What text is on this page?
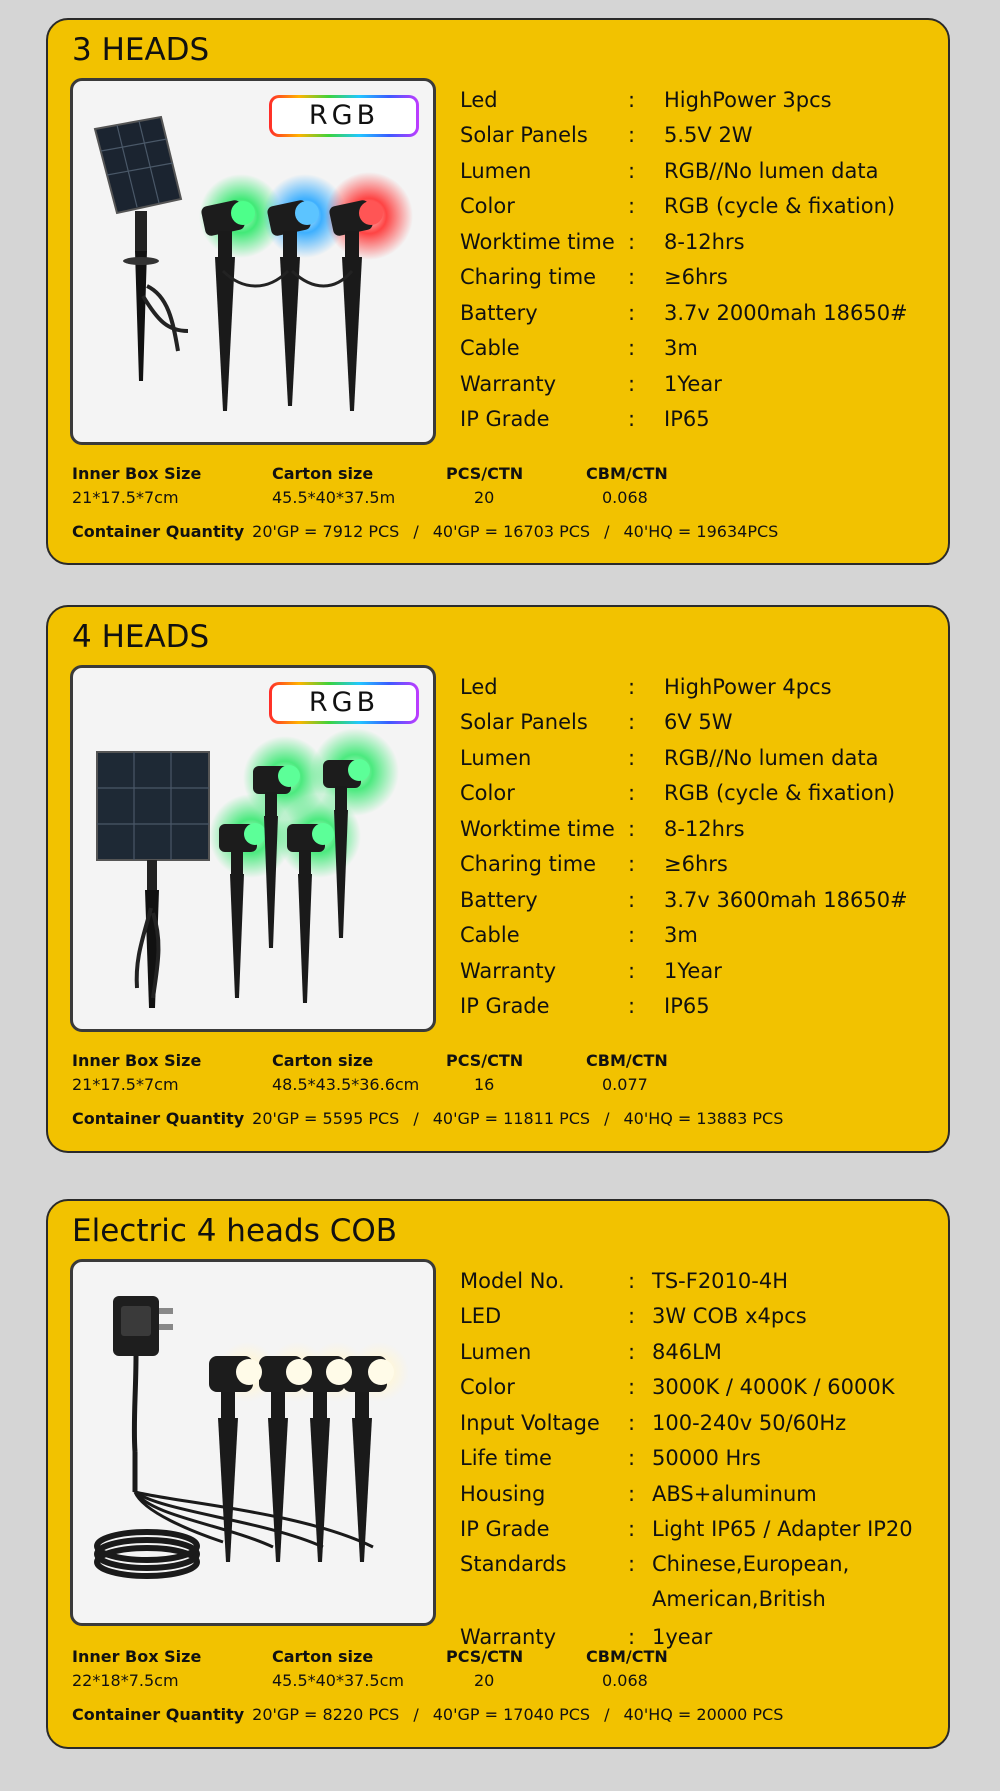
3 HEADS
RGB
Led	:	HighPower 3pcs
Solar Panels	:	5.5V 2W
Lumen	:	RGB//No lumen data
Color	:	RGB (cycle & fixation)
Worktime time :	8-12hrs
Charing time	:	≥6hrs
Battery	:	3.7v 2000mah 18650#
Cable	:	3m
Warranty	:	1Year
IP Grade	:	IP65
Inner Box Size	Carton size	PCS/CTN	CBM/CTN
21*17.5*7cm	45.5*40*37.5m	20	0.068
Container Quantity 20'GP = 7912 PCS / 40'GP = 16703 PCS / 40'HQ = 19634PCS
4 HEADS
RGB
Led	:	HighPower 4pcs
Solar Panels	:	6V 5W
Lumen	:	RGB//No lumen data
Color	:	RGB (cycle & fixation)
Worktime time :	8-12hrs
Charing time	:	≥6hrs
Battery	:	3.7v 3600mah 18650#
Cable	:	3m
Warranty	:	1Year
IP Grade	:	IP65
Inner Box Size	Carton size	PCS/CTN	CBM/CTN
21*17.5*7cm	48.5*43.5*36.6cm	16	0.077
Container Quantity 20'GP = 5595 PCS / 40'GP = 11811 PCS / 40'HQ = 13883 PCS
Electric 4 heads COB
Model No.	: TS-F2010-4H
LED	: 3W COB x4pcs
Lumen	: 846LM
Color	: 3000K / 4000K / 6000K
Input Voltage	: 100-240v 50/60Hz
Life time	: 50000 Hrs
Housing	: ABS+aluminum
IP Grade	: Light IP65 / Adapter IP20
Standards	: Chinese,European, American,British
Warranty	: 1year
Inner Box Size	Carton size	PCS/CTN	CBM/CTN
22*18*7.5cm	45.5*40*37.5cm	20	0.068
Container Quantity 20'GP = 8220 PCS / 40'GP = 17040 PCS / 40'HQ = 20000 PCS
